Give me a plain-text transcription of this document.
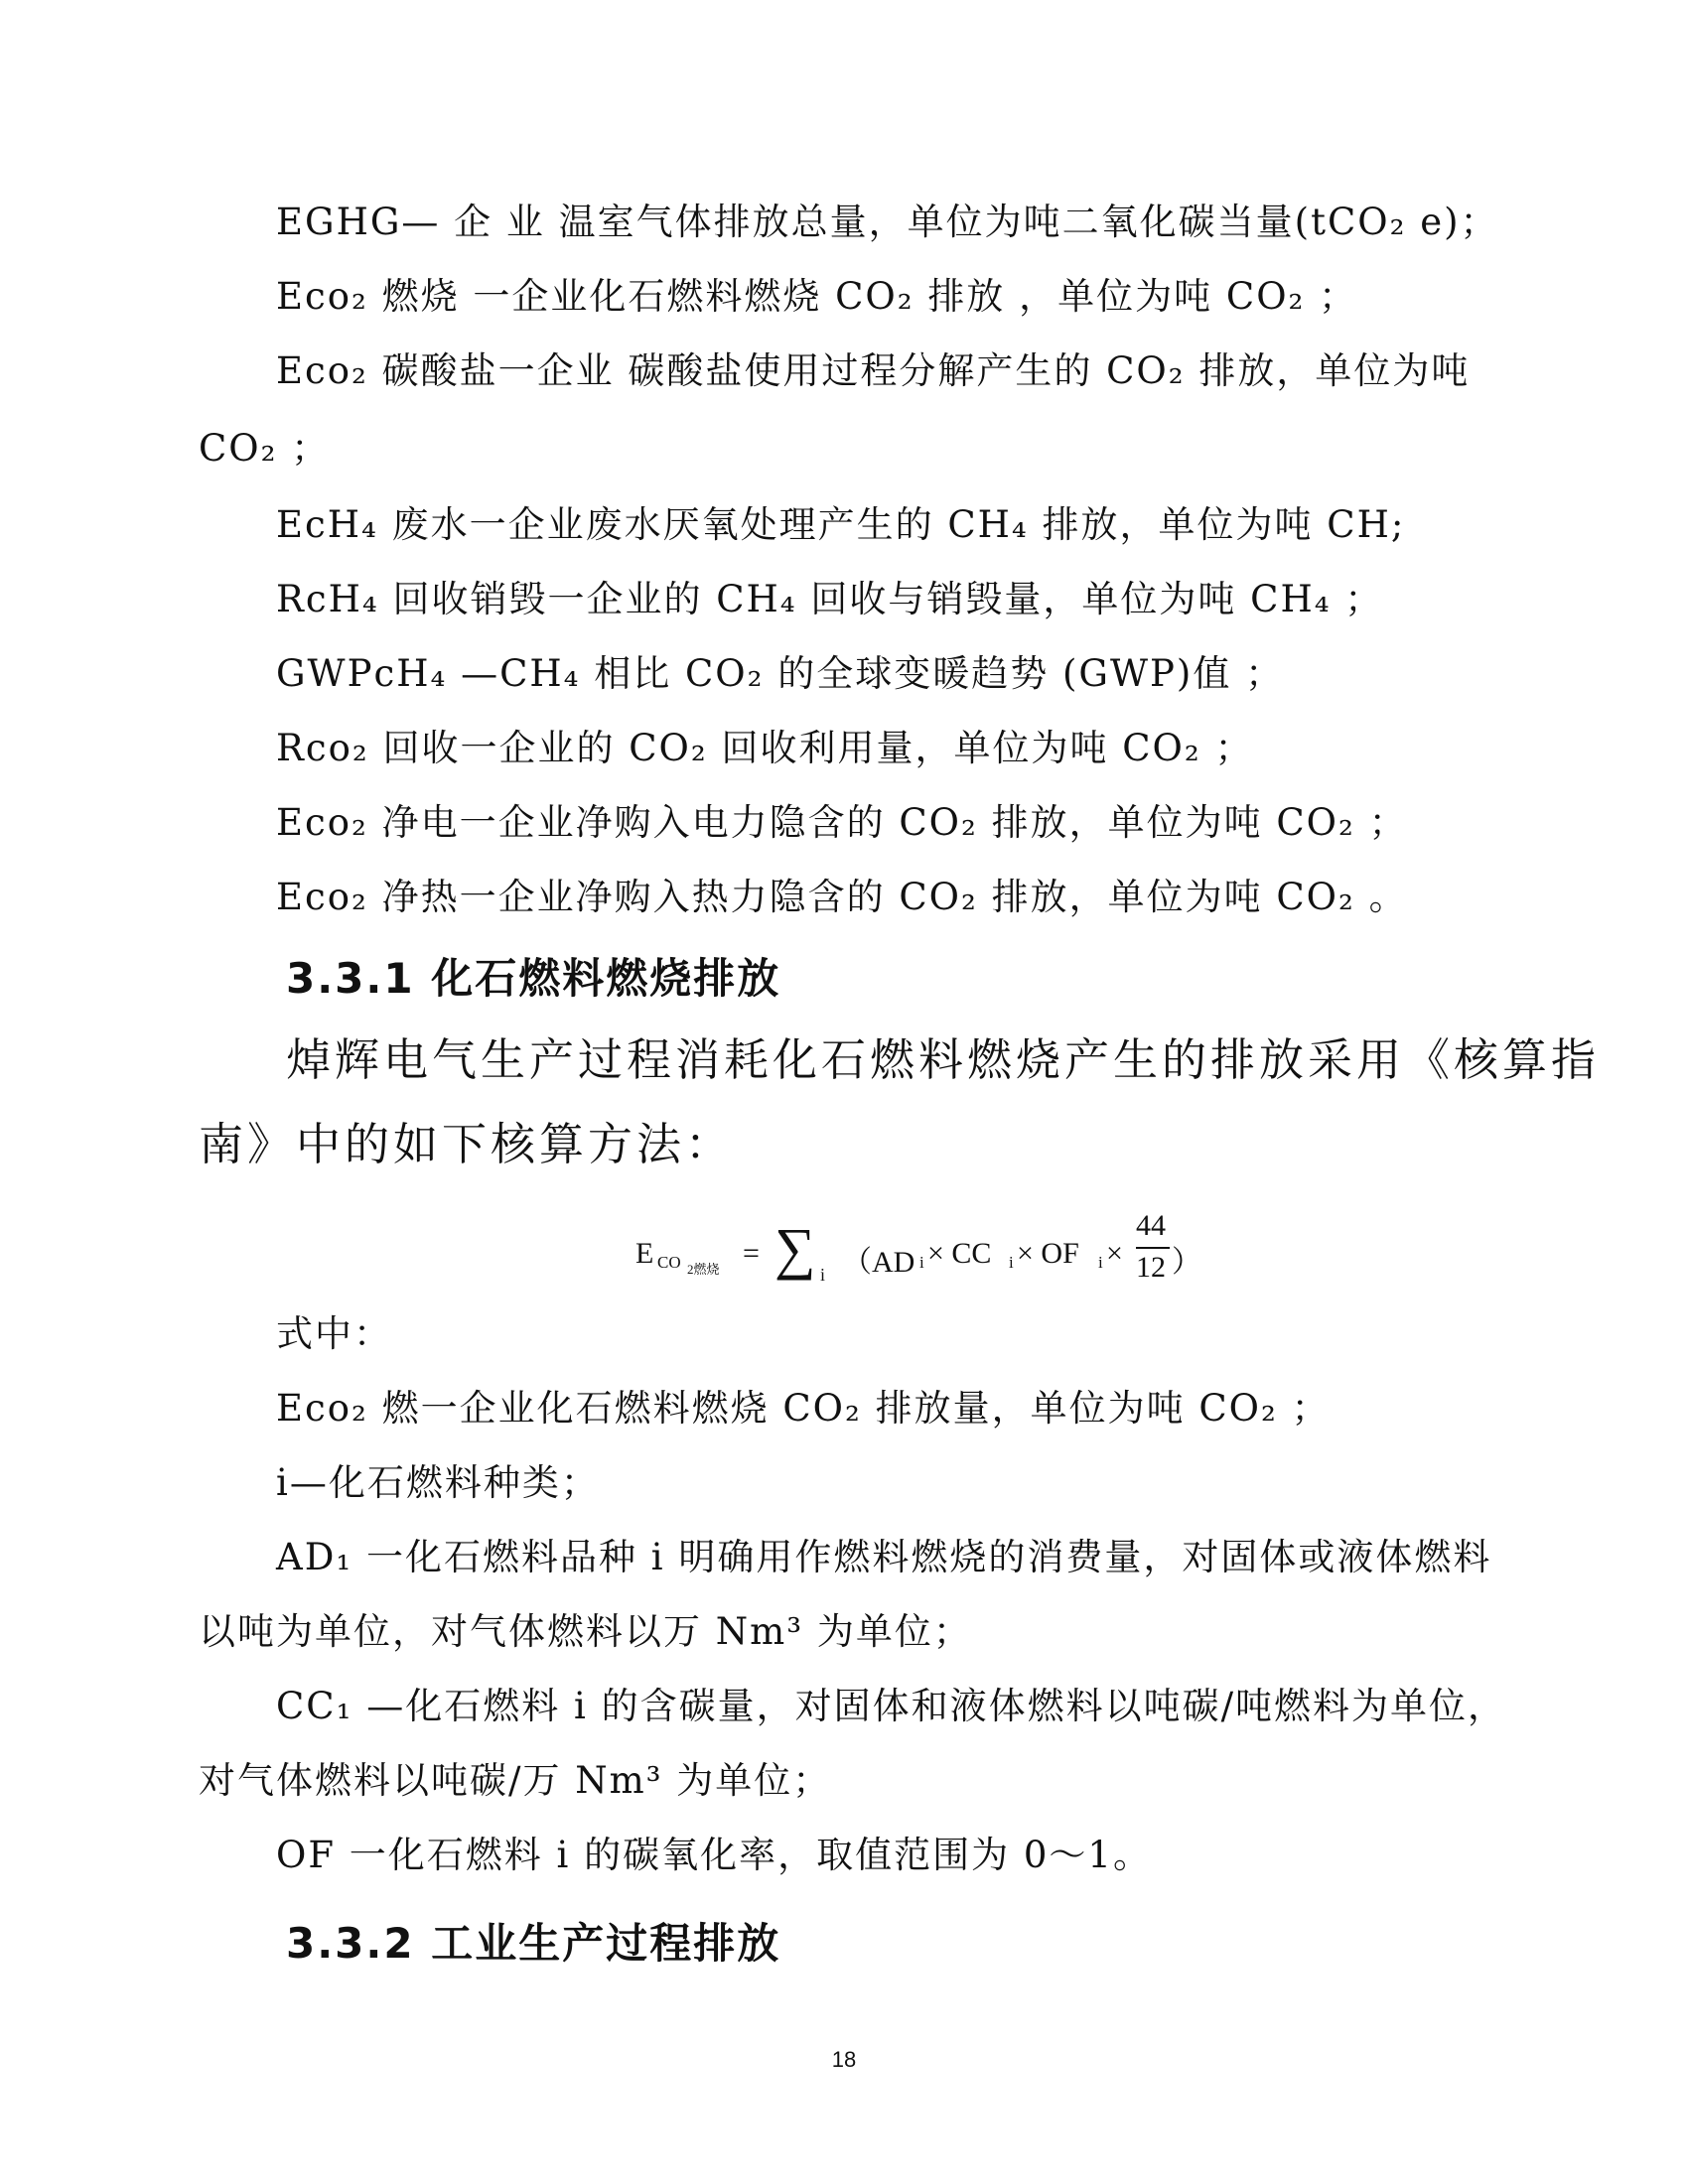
EGHG— 企 业 温室气体排放总量，单位为吨二氧化碳当量(tCO₂ e)；
Eco₂ 燃烧 一企业化石燃料燃烧 CO₂ 排放 ，单位为吨 CO₂ ；
Eco₂ 碳酸盐一企业 碳酸盐使用过程分解产生的 CO₂ 排放，单位为吨
CO₂ ；
EcH₄ 废水一企业废水厌氧处理产生的 CH₄ 排放，单位为吨 CH;
RcH₄ 回收销毁一企业的 CH₄ 回收与销毁量，单位为吨 CH₄ ；
GWPcH₄ —CH₄ 相比 CO₂ 的全球变暖趋势 (GWP)值 ；
Rco₂ 回收一企业的 CO₂ 回收利用量，单位为吨 CO₂ ；
Eco₂ 净电一企业净购入电力隐含的 CO₂ 排放，单位为吨 CO₂ ；
Eco₂ 净热一企业净购入热力隐含的 CO₂ 排放，单位为吨 CO₂ 。
3.3.1 化石燃料燃烧排放
焯辉电气生产过程消耗化石燃料燃烧产生的排放采用《核算指
南》中的如下核算方法：
E CO 2燃烧 = ∑ i （AD i × CC i × OF i ×
44
12 ）
式中：
Eco₂ 燃一企业化石燃料燃烧 CO₂ 排放量，单位为吨 CO₂ ；
i—化石燃料种类；
AD₁ 一化石燃料品种 i 明确用作燃料燃烧的消费量，对固体或液体燃料
以吨为单位，对气体燃料以万 Nm³ 为单位；
CC₁ —化石燃料 i 的含碳量，对固体和液体燃料以吨碳/吨燃料为单位，
对气体燃料以吨碳/万 Nm³ 为单位；
OF 一化石燃料 i 的碳氧化率，取值范围为 0～1。
3.3.2 工业生产过程排放
18
